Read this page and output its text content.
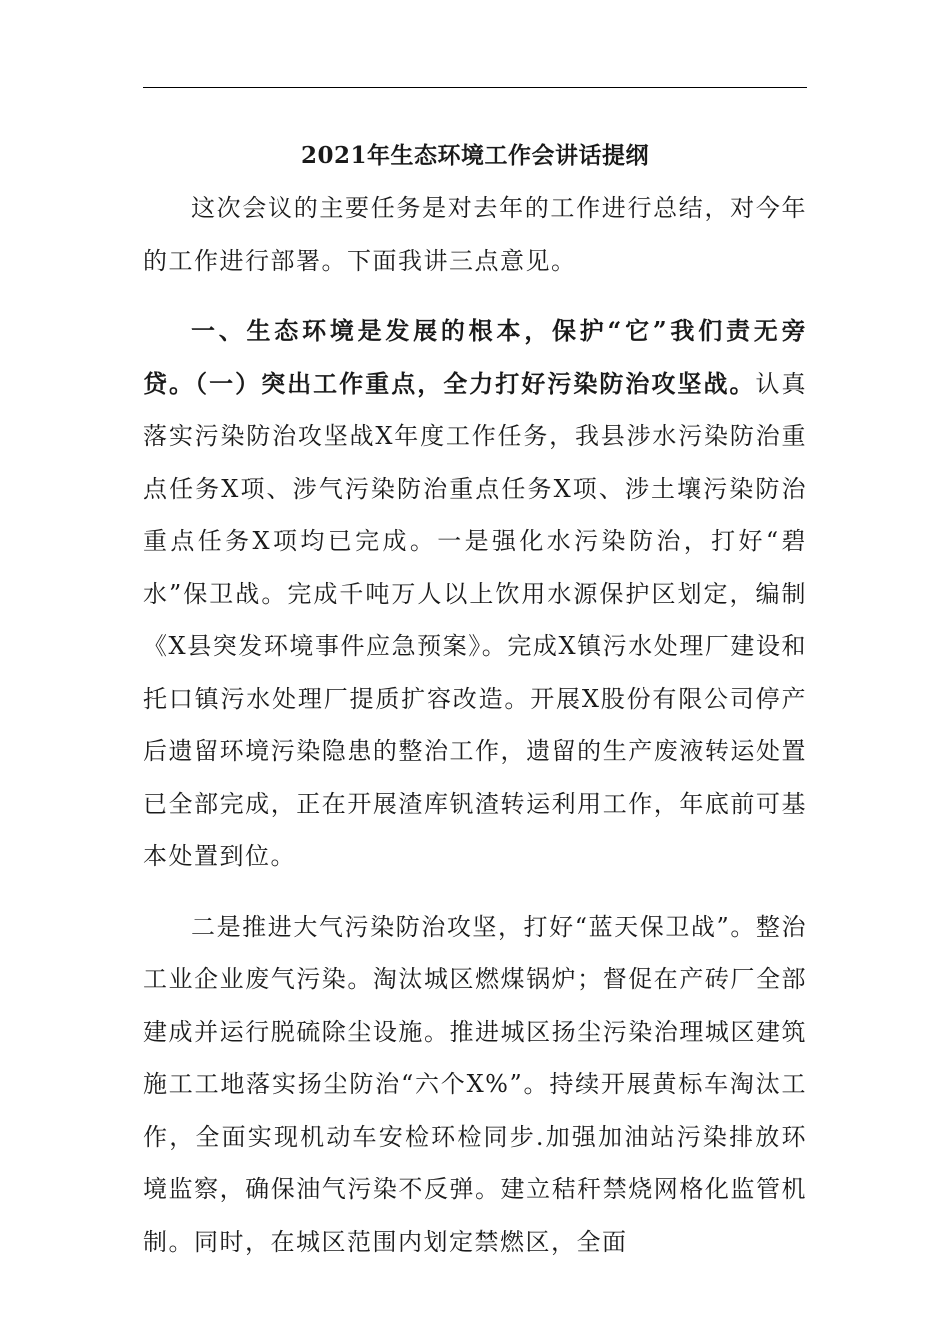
2021年生态环境工作会讲话提纲

这次会议的主要任务是对去年的工作进行总结，对今年的工作进行部署。下面我讲三点意见。

一、生态环境是发展的根本，保护“它”我们责无旁贷。（一）突出工作重点，全力打好污染防治攻坚战。认真落实污染防治攻坚战X年度工作任务，我县涉水污染防治重点任务X项、涉气污染防治重点任务X项、涉土壤污染防治重点任务X项均已完成。一是强化水污染防治，打好“碧水”保卫战。完成千吨万人以上饮用水源保护区划定，编制《X县突发环境事件应急预案》。完成X镇污水处理厂建设和托口镇污水处理厂提质扩容改造。开展X股份有限公司停产后遗留环境污染隐患的整治工作，遗留的生产废液转运处置已全部完成，正在开展渣库钒渣转运利用工作，年底前可基本处置到位。

二是推进大气污染防治攻坚，打好“蓝天保卫战”。整治工业企业废气污染。淘汰城区燃煤锅炉；督促在产砖厂全部建成并运行脱硫除尘设施。推进城区扬尘污染治理城区建筑施工工地落实扬尘防治“六个X%”。持续开展黄标车淘汰工作，全面实现机动车安检环检同步.加强加油站污染排放环境监察，确保油气污染不反弹。建立秸秆禁烧网格化监管机制。同时，在城区范围内划定禁燃区，全面
